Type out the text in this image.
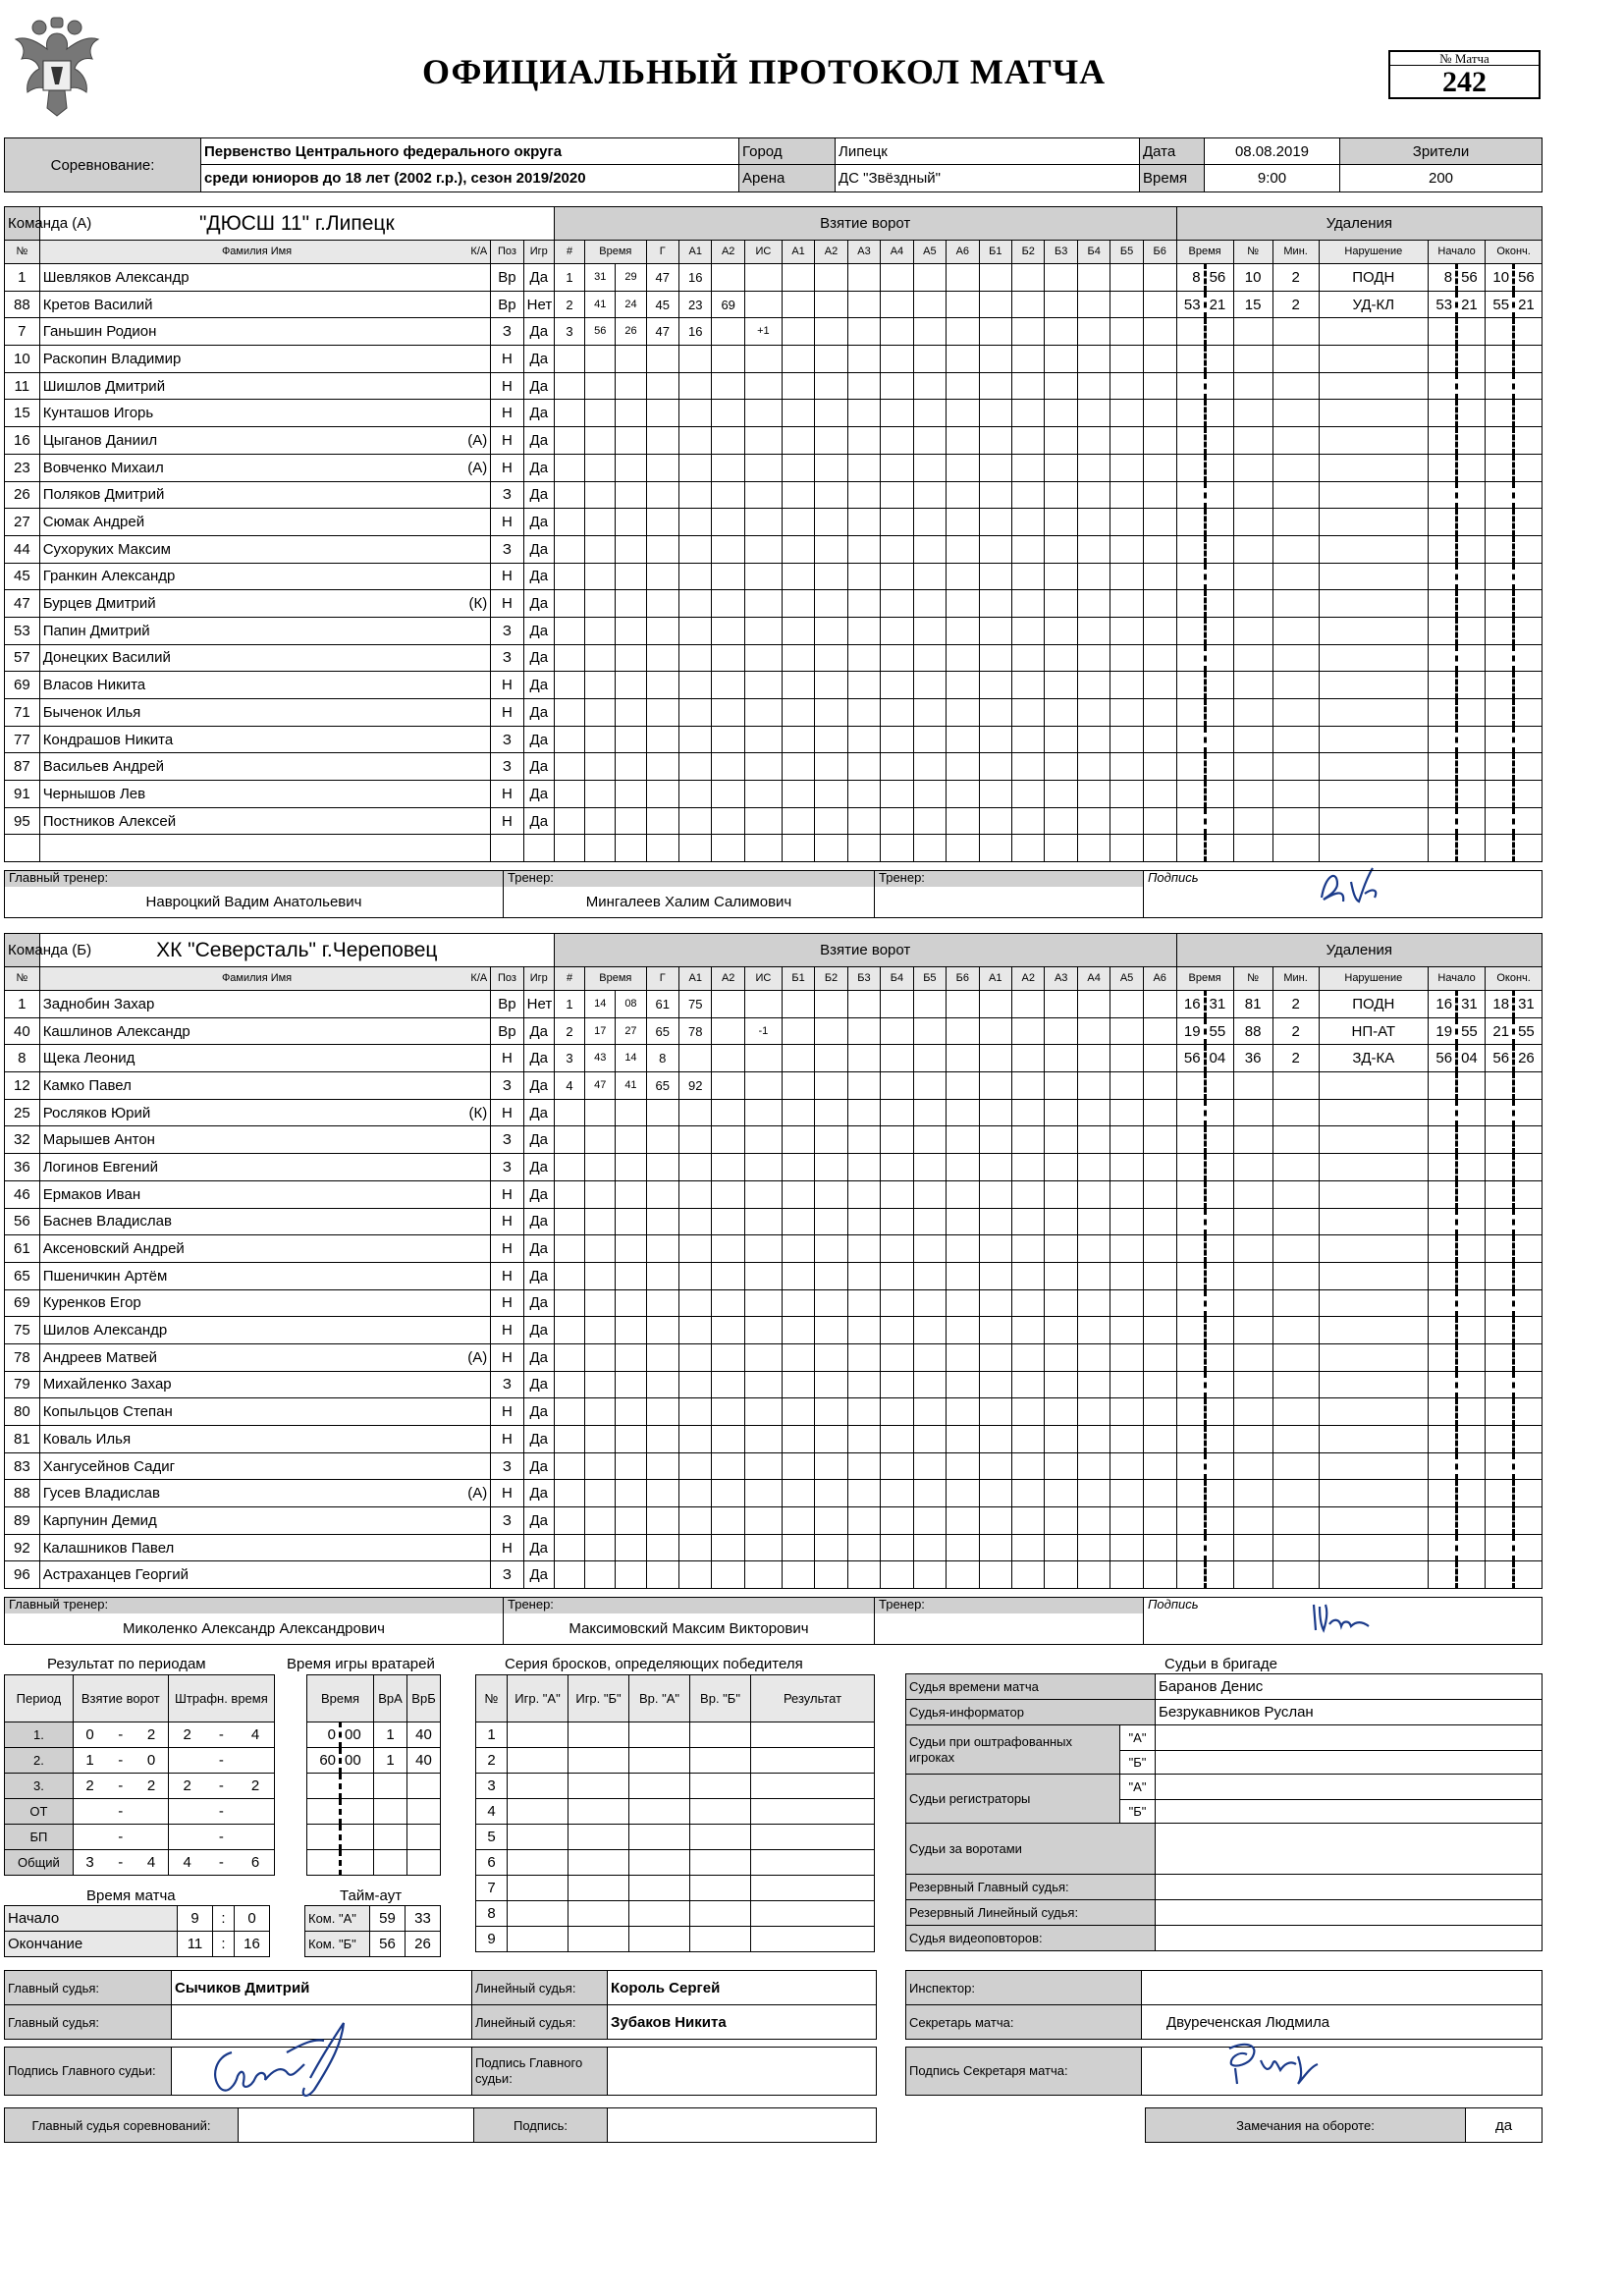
ОФИЦИАЛЬНЫЙ ПРОТОКОЛ МАТЧА	№ Матча
242
Соревнование:	Первенство Центрального федерального округа	Город	Липецк	Дата	08.08.2019	Зрители
	среди юниоров до 18 лет (2002 г.р.), сезон 2019/2020	Арена	ДС "Звёздный"	Время	9:00	200
Команда (А)	"ДЮСШ 11" г.Липецк			Взятие ворот																			Удаления								
№	Фамилия Имя К/А	Поз	Игр	#	Время		Г	А1	А2	ИС	А1	А2	А3	А4	А5	А6	Б1	Б2	Б3	Б4	Б5	Б6	Время		№	Мин.	Нарушение	Начало		Оконч.	
1	Шевляков Александр	Вр	Да	1	31	29	47	16															8	56	10	2	ПОДН	8	56	10	56
88	Кретов Василий	Вр	Нет	2	41	24	45	23	69														53	21	15	2	УД-КЛ	53	21	55	21
7	Ганьшин Родион	З	Да	3	56	26	47	16		+1																					
10	Раскопин Владимир	Н	Да																												
11	Шишлов Дмитрий	Н	Да																												
15	Кунташов Игорь	Н	Да																												
16	Цыганов Даниил (А)	Н	Да																												
23	Вовченко Михаил (А)	Н	Да																												
26	Поляков Дмитрий	З	Да																												
27	Сюмак Андрей	Н	Да																												
44	Сухоруких Максим	З	Да																												
45	Гранкин Александр	Н	Да																												
47	Бурцев Дмитрий (К)	Н	Да																												
53	Папин Дмитрий	З	Да																												
57	Донецких Василий	З	Да																												
69	Власов Никита	Н	Да																												
71	Быченок Илья	Н	Да																												
77	Кондрашов Никита	З	Да																												
87	Васильев Андрей	З	Да																												
91	Чернышов Лев	Н	Да																												
95	Постников Алексей	Н	Да																												

Команда (Б)	ХК "Северсталь" г.Череповец			Взятие ворот																			Удаления								
№	Фамилия Имя К/А	Поз	Игр	#	Время		Г	А1	А2	ИС	Б1	Б2	Б3	Б4	Б5	Б6	А1	А2	А3	А4	А5	А6	Время		№	Мин.	Нарушение	Начало		Оконч.	
1	Заднобин Захар	Вр	Нет	1	14	08	61	75															16	31	81	2	ПОДН	16	31	18	31
40	Кашлинов Александр	Вр	Да	2	17	27	65	78		-1													19	55	88	2	НП-АТ	19	55	21	55
8	Щека Леонид	Н	Да	3	43	14	8																56	04	36	2	ЗД-КА	56	04	56	26
12	Камко Павел	З	Да	4	47	41	65	92																							
25	Росляков Юрий (К)	Н	Да																												
32	Марышев Антон	З	Да																												
36	Логинов Евгений	З	Да																												
46	Ермаков Иван	Н	Да																												
56	Баснев Владислав	Н	Да																												
61	Аксеновский Андрей	Н	Да																												
65	Пшеничкин Артём	Н	Да																												
69	Куренков Егор	Н	Да																												
75	Шилов Александр	Н	Да																												
78	Андреев Матвей (А)	Н	Да																												
79	Михайленко Захар	З	Да																												
80	Копыльцов Степан	Н	Да																												
81	Коваль Илья	Н	Да																												
83	Хангусейнов Садиг	З	Да																												
88	Гусев Владислав (А)	Н	Да																												
89	Карпунин Демид	З	Да																												
92	Калашников Павел	Н	Да																												
96	Астраханцев Георгий	З	Да																												
Результат по периодам
Период	Взятие ворот			Штрафн. время		
1.	0	-	2	2	-	4
2.	1	-	0		-	
3.	2	-	2	2	-	2
ОТ		-			-	
БП		-			-	
Общий	3	-	4	4	-	6
Время игры вратарей
Время		ВрА	ВрБ
0	00	1	40
60	00	1	40

Серия бросков, определяющих победителя
№	Игр. "А"	Игр. "Б"	Вр. "А"	Вр. "Б"	Результат
1					
2					
3					
4					
5					
6					
7					
8					
9					
Время матча
Начало	9	:	0
Окончание	11	:	16
Тайм-аут
Ком. "А"	59	33
Ком. "Б"	56	26
Судьи в бригаде
Судья времени матча		Баранов Денис
Судья-информатор		Безрукавников Руслан
Судьи при оштрафованных игроках	"А"	
	"Б"	
Судьи регистраторы	"А"	
	"Б"	
Судьи за воротами		
Резервный Главный судья:		
Резервный Линейный судья:		
Судья видеоповторов:		
Главный судья:	Сычиков Дмитрий	Линейный судья:	Король Сергей
Главный судья:		Линейный судья:	Зубаков Никита
Инспектор:	
Секретарь матча:	Двуреченская Людмила
Подпись Главного судьи:		Подпись Главного судьи:	
Подпись Секретаря матча:	
Главный судья соревнований:		Подпись:		Замечания на обороте:	да
Главный тренер:
Навроцкий Вадим Анатольевич

Тренер:
Мингалеев Халим Салимович

Тренер:	Подпись
Главный тренер:
Миколенко Александр Александрович

Тренер:
Максимовский Максим Викторович

Тренер:	Подпись
